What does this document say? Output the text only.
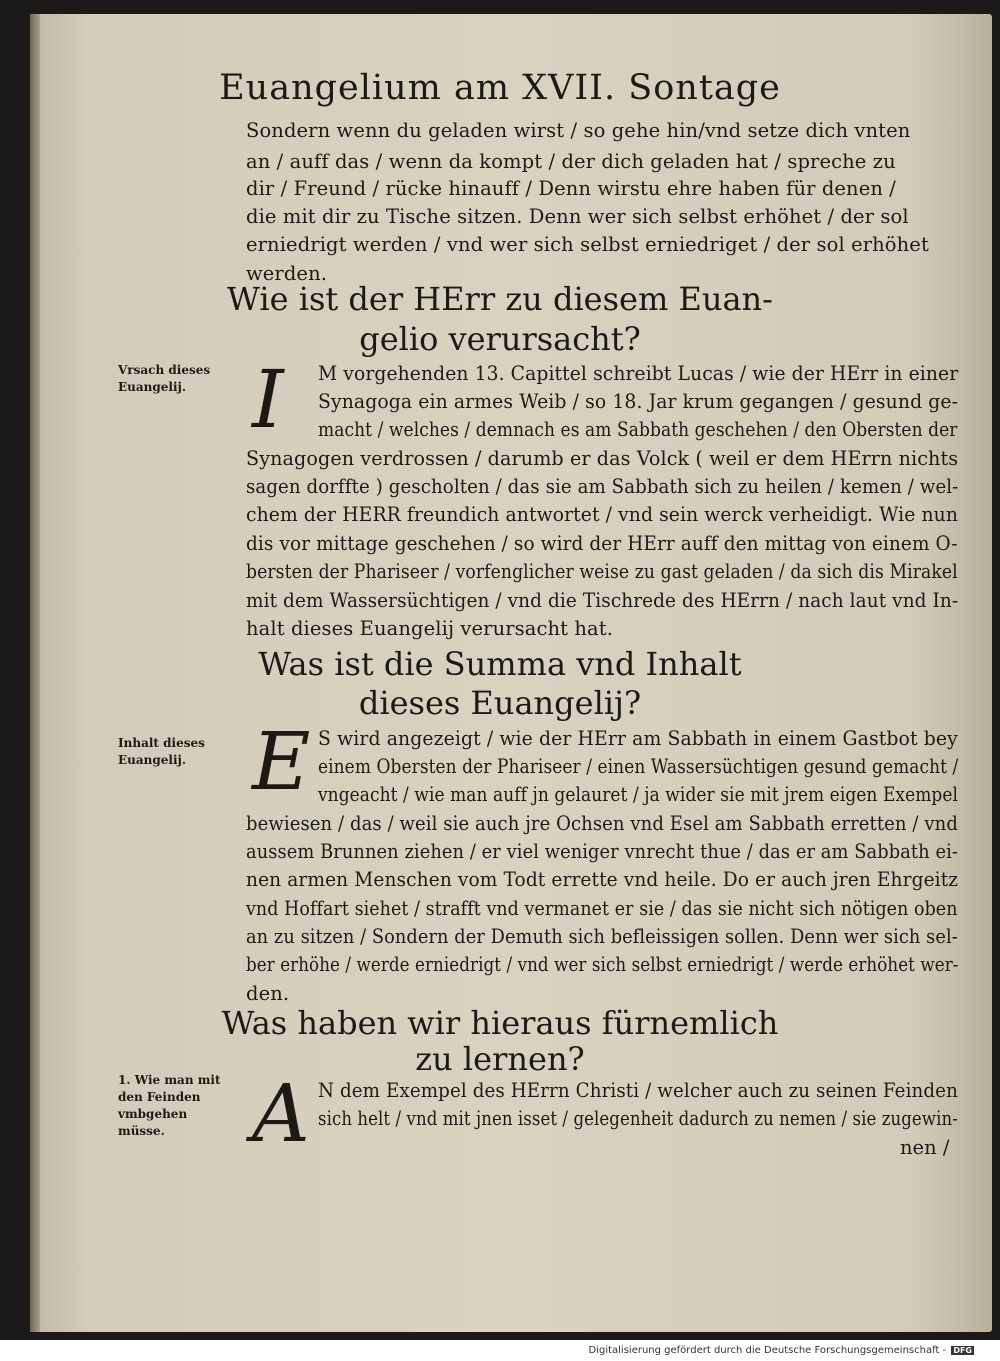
Euangelium am XVII. Sontage
Sondern wenn du geladen wirst / so gehe hin/vnd setze dich vnten
an / auff das / wenn da kompt / der dich geladen hat / spreche zu
dir / Freund / rücke hinauff / Denn wirstu ehre haben für denen /
die mit dir zu Tische sitzen. Denn wer sich selbst erhöhet / der sol
erniedrigt werden / vnd wer sich selbst erniedriget / der sol erhöhet
werden.
Wie ist der HErr zu diesem Euan-
gelio verursacht?
Vrsach dieses Euangelij. I M vorgehenden 13. Capittel schreibt Lucas / wie der HErr in einer
Synagoga ein armes Weib / so 18. Jar krum gegangen / gesund ge-
macht / welches / demnach es am Sabbath geschehen / den Obersten der
Synagogen verdrossen / darumb er das Volck ( weil er dem HErrn nichts
sagen dorffte ) gescholten / das sie am Sabbath sich zu heilen / kemen / wel-
chem der HERR freundich antwortet / vnd sein werck verheidigt. Wie nun
dis vor mittage geschehen / so wird der HErr auff den mittag von einem O-
bersten der Phariseer / vorfenglicher weise zu gast geladen / da sich dis Mirakel
mit dem Wassersüchtigen / vnd die Tischrede des HErrn / nach laut vnd In-
halt dieses Euangelij verursacht hat.
Was ist die Summa vnd Inhalt
dieses Euangelij?
Inhalt dieses Euangelij. E S wird angezeigt / wie der HErr am Sabbath in einem Gastbot bey
einem Obersten der Phariseer / einen Wassersüchtigen gesund gemacht /
vngeacht / wie man auff jn gelauret / ja wider sie mit jrem eigen Exempel
bewiesen / das / weil sie auch jre Ochsen vnd Esel am Sabbath erretten / vnd
aussem Brunnen ziehen / er viel weniger vnrecht thue / das er am Sabbath ei-
nen armen Menschen vom Todt errette vnd heile. Do er auch jren Ehrgeitz
vnd Hoffart siehet / strafft vnd vermanet er sie / das sie nicht sich nötigen oben
an zu sitzen / Sondern der Demuth sich befleissigen sollen. Denn wer sich sel-
ber erhöhe / werde erniedrigt / vnd wer sich selbst erniedrigt / werde erhöhet wer-
den.
Was haben wir hieraus fürnemlich
zu lernen?
1. Wie man mit den Feinden vmbgehen müsse.	A N dem Exempel des HErrn Christi / welcher auch zu seinen Feinden
sich helt / vnd mit jnen isset / gelegenheit dadurch zu nemen / sie zugewin-
nen /
Digitalisierung gefördert durch die Deutsche Forschungsgemeinschaft - DFG
